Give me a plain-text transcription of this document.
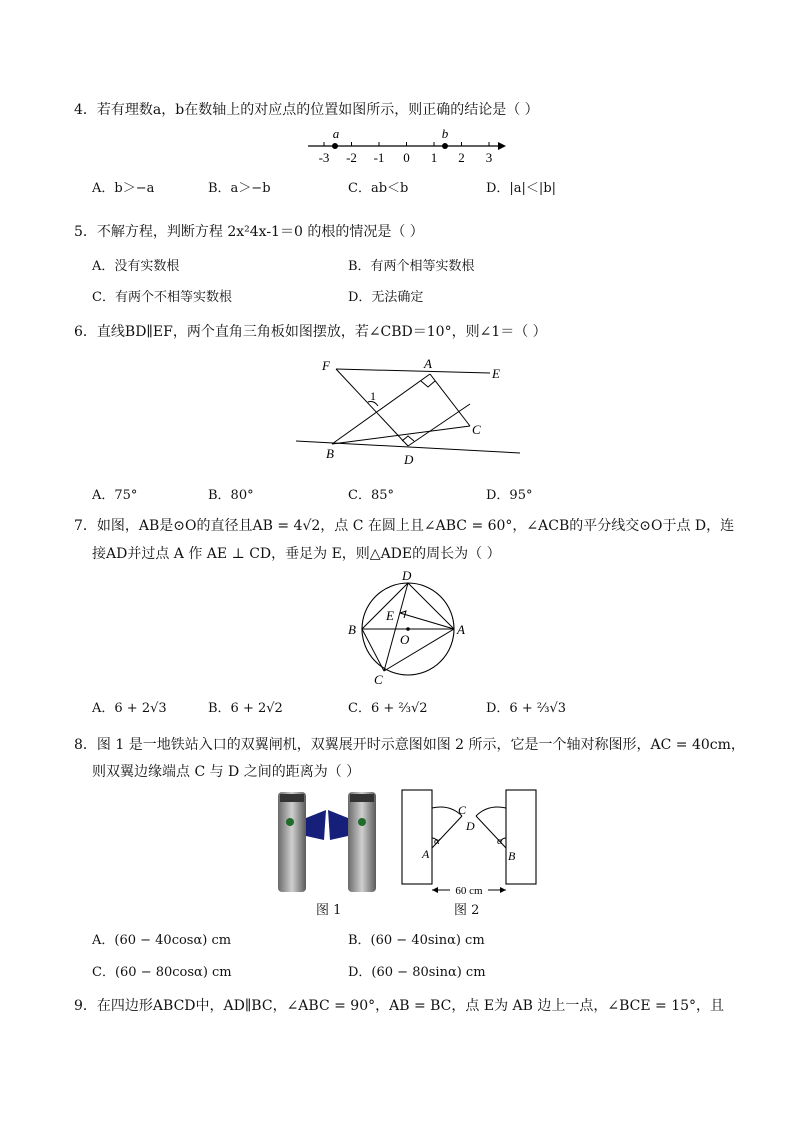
4．若有理数a，b在数轴上的对应点的位置如图所示，则正确的结论是（ ）
-3 -2 -1 0 1 2 3
a	b
A．b＞−a	B．a＞−b	C．ab＜b	D．|a|＜|b|
5．不解方程，判断方程 2x²4x-1＝0 的根的情况是（ ）
A．没有实数根	B．有两个相等实数根
C．有两个不相等实数根	D．无法确定
6．直线BD∥EF，两个直角三角板如图摆放，若∠CBD＝10°，则∠1＝（ ）
F	A
E
1
C
B	D
A．75°	B．80°	C．85°	D．95°
7．如图，AB是⊙O的直径且AB = 4√2，点 C 在圆上且∠ABC = 60°，∠ACB的平分线交⊙O于点 D，连
接AD并过点 A 作 AE ⊥ CD，垂足为 E，则△ADE的周长为（ ）
D
E
B
O
A
C
A．6 + 2√3	B．6 + 2√2	C．6 + ⅔√2	D．6 + ⅔√3
8．图 1 是一地铁站入口的双翼闸机，双翼展开时示意图如图 2 所示，它是一个轴对称图形，AC = 40cm，
则双翼边缘端点 C 与 D 之间的距离为（ ）
60 cm
C
D
α	α
A	B
图 1	图 2
A．(60 − 40cosα) cm	B．(60 − 40sinα) cm
C．(60 − 80cosα) cm	D．(60 − 80sinα) cm
9．在四边形ABCD中，AD∥BC，∠ABC = 90°，AB = BC，点 E为 AB 边上一点，∠BCE = 15°，且
